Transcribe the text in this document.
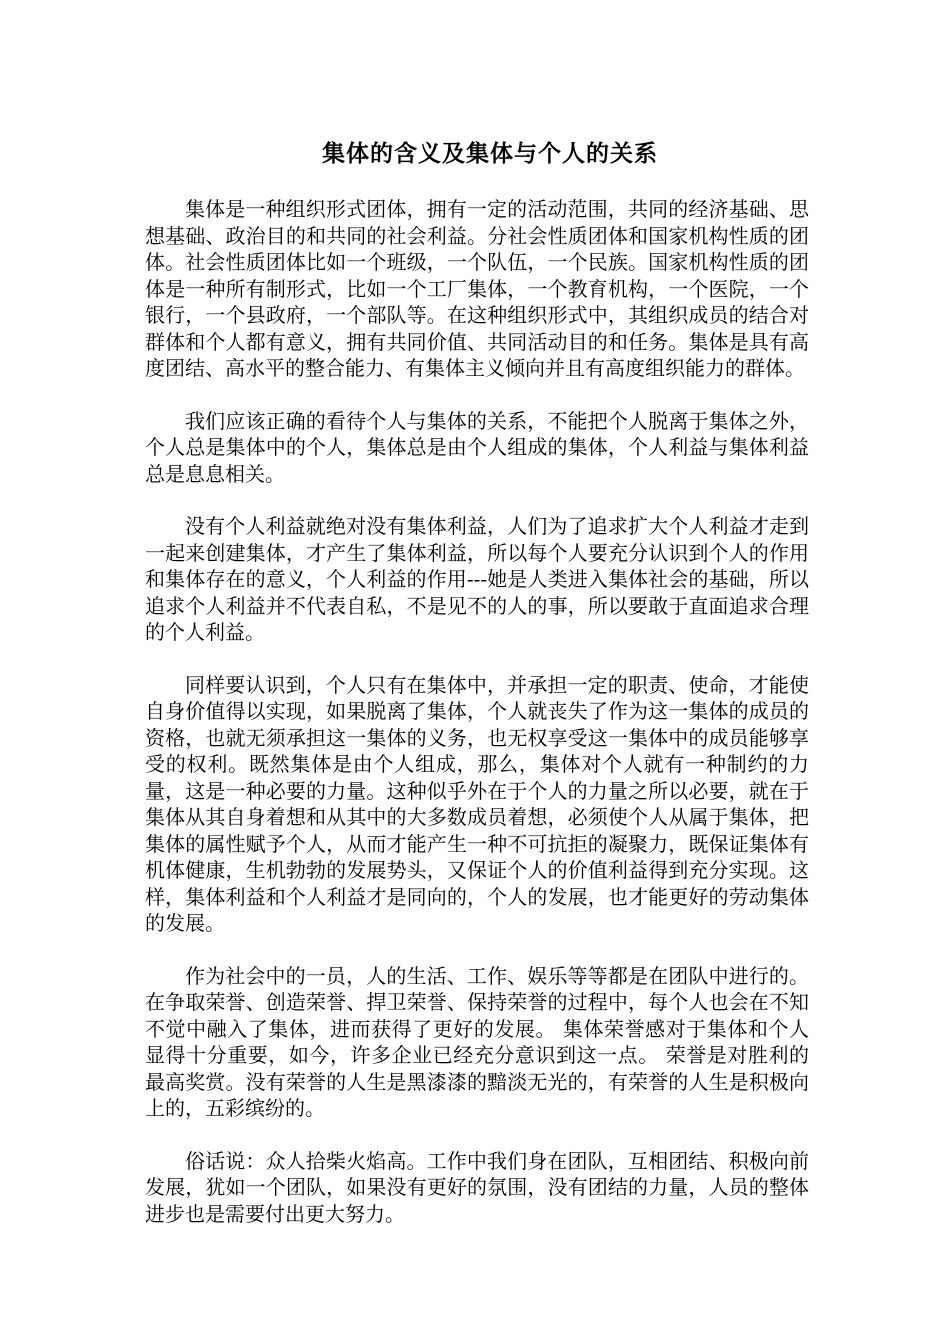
集体的含义及集体与个人的关系

集体是一种组织形式团体，拥有一定的活动范围，共同的经济基础、思想基础、政治目的和共同的社会利益。分社会性质团体和国家机构性质的团体。社会性质团体比如一个班级，一个队伍，一个民族。国家机构性质的团体是一种所有制形式，比如一个工厂集体，一个教育机构，一个医院，一个银行，一个县政府，一个部队等。在这种组织形式中，其组织成员的结合对群体和个人都有意义，拥有共同价值、共同活动目的和任务。集体是具有高度团结、高水平的整合能力、有集体主义倾向并且有高度组织能力的群体。

我们应该正确的看待个人与集体的关系，不能把个人脱离于集体之外，个人总是集体中的个人，集体总是由个人组成的集体，个人利益与集体利益总是息息相关。

没有个人利益就绝对没有集体利益，人们为了追求扩大个人利益才走到一起来创建集体，才产生了集体利益，所以每个人要充分认识到个人的作用和集体存在的意义，个人利益的作用---她是人类进入集体社会的基础，所以追求个人利益并不代表自私，不是见不的人的事，所以要敢于直面追求合理的个人利益。

同样要认识到，个人只有在集体中，并承担一定的职责、使命，才能使自身价值得以实现，如果脱离了集体，个人就丧失了作为这一集体的成员的资格，也就无须承担这一集体的义务，也无权享受这一集体中的成员能够享受的权利。既然集体是由个人组成，那么，集体对个人就有一种制约的力量，这是一种必要的力量。这种似乎外在于个人的力量之所以必要，就在于集体从其自身着想和从其中的大多数成员着想，必须使个人从属于集体，把集体的属性赋予个人，从而才能产生一种不可抗拒的凝聚力，既保证集体有机体健康，生机勃勃的发展势头，又保证个人的价值利益得到充分实现。这样，集体利益和个人利益才是同向的，个人的发展，也才能更好的劳动集体的发展。

作为社会中的一员，人的生活、工作、娱乐等等都是在团队中进行的。在争取荣誉、创造荣誉、捍卫荣誉、保持荣誉的过程中，每个人也会在不知不觉中融入了集体，进而获得了更好的发展。 集体荣誉感对于集体和个人显得十分重要，如今，许多企业已经充分意识到这一点。 荣誉是对胜利的最高奖赏。没有荣誉的人生是黑漆漆的黯淡无光的，有荣誉的人生是积极向上的，五彩缤纷的。

俗话说：众人拾柴火焰高。工作中我们身在团队，互相团结、积极向前发展，犹如一个团队，如果没有更好的氛围，没有团结的力量，人员的整体进步也是需要付出更大努力。
